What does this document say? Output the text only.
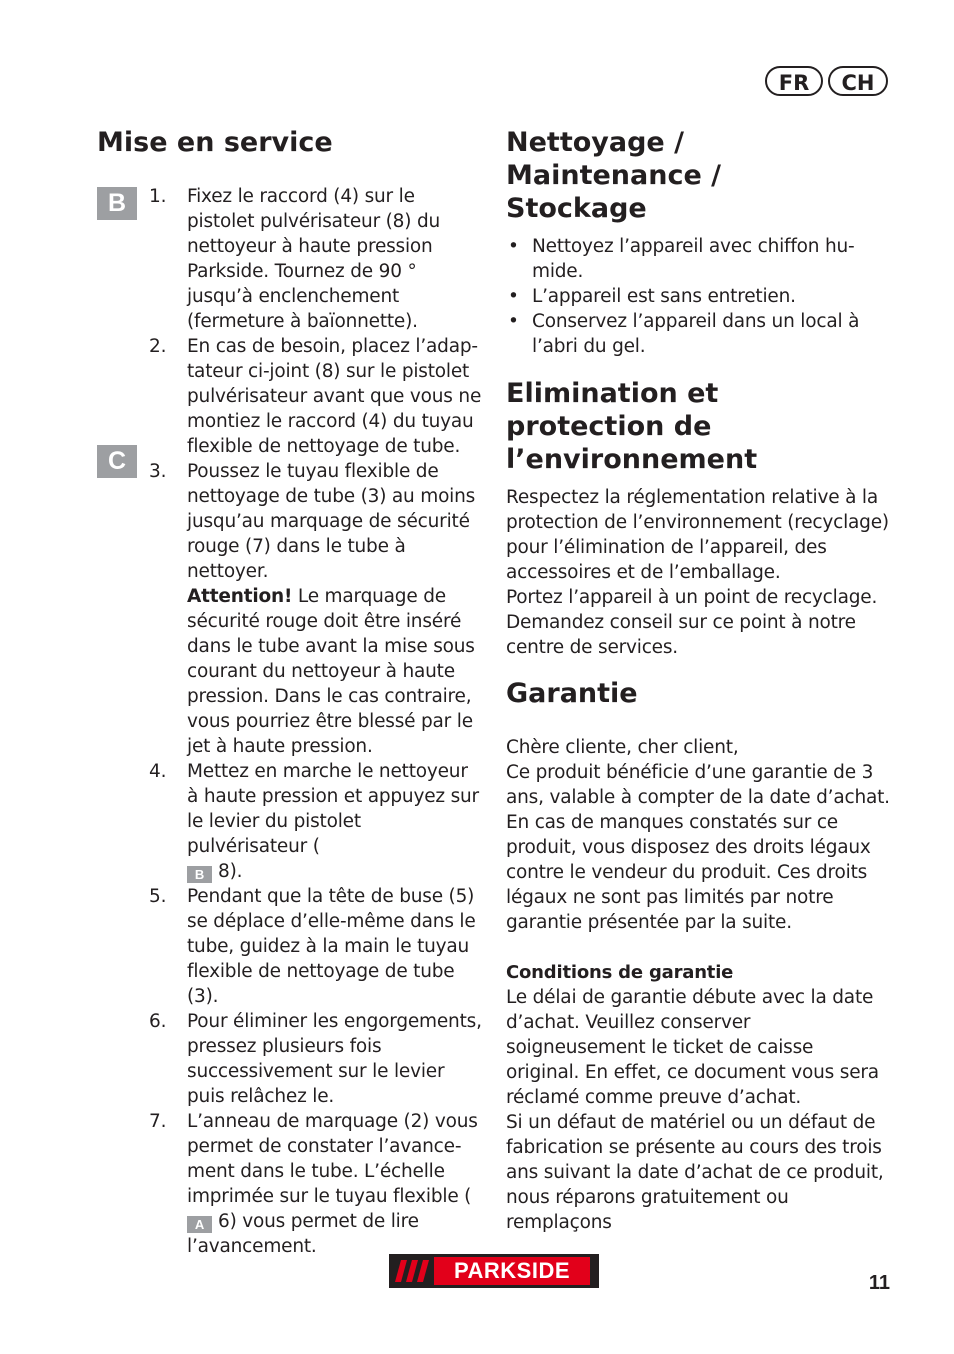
FR	CH
Mise en service
B
C
1. Fixez le raccord (4) sur le pistolet pulvérisateur (8) du nettoyeur à haute pression Parkside. Tournez de 90 ° jusqu’à enclenchement (fermeture à baïonnette).
2. En cas de besoin, placez l’adaptateur ci-joint (8) sur le pistolet pulvérisateur avant que vous ne montiez le raccord (4) du tuyau flexible de nettoyage de tube.
3. Poussez le tuyau flexible de nettoyage de tube (3) au moins jusqu’au marquage de sécurité rouge (7) dans le tube à nettoyer.
Attention! Le marquage de sécurité rouge doit être inséré dans le tube avant la mise sous courant du nettoyeur à haute pression. Dans le cas contraire, vous pourriez être blessé par le jet à haute pression.
4. Mettez en marche le nettoyeur à haute pression et appuyez sur le levier du pistolet pulvérisateur (
B 8).
5. Pendant que la tête de buse (5) se déplace d’elle-même dans le tube, guidez à la main le tuyau flexible de nettoyage de tube (3).
6. Pour éliminer les engorgements, pressez plusieurs fois successivement sur le levier puis relâchez le.
7. L’anneau de marquage (2) vous permet de constater l’avancement dans le tube. L’échelle imprimée sur le tuyau flexible (
A 6) vous permet de lire l’avancement.
Nettoyage / Maintenance / Stockage
• Nettoyez l’appareil avec chiffon humide.
• L’appareil est sans entretien.
• Conservez l’appareil dans un local à l’abri du gel.
Elimination et protection de l’environnement

Respectez la réglementation relative à la protection de l’environnement (recyclage) pour l’élimination de l’appareil, des accessoires et de l’emballage.

Portez l’appareil à un point de recyclage. Demandez conseil sur ce point à notre centre de services.

Garantie

Chère cliente, cher client,

Ce produit bénéficie d’une garantie de 3 ans, valable à compter de la date d’achat. En cas de manques constatés sur ce produit, vous disposez des droits légaux contre le vendeur du produit. Ces droits légaux ne sont pas limités par notre garantie présentée par la suite.

Conditions de garantie

Le délai de garantie débute avec la date d’achat. Veuillez conserver soigneusement le ticket de caisse original. En effet, ce document vous sera réclamé comme preuve d’achat.

Si un défaut de matériel ou un défaut de fabrication se présente au cours des trois ans suivant la date d’achat de ce produit, nous réparons gratuitement ou remplaçons

PARKSIDE	11
